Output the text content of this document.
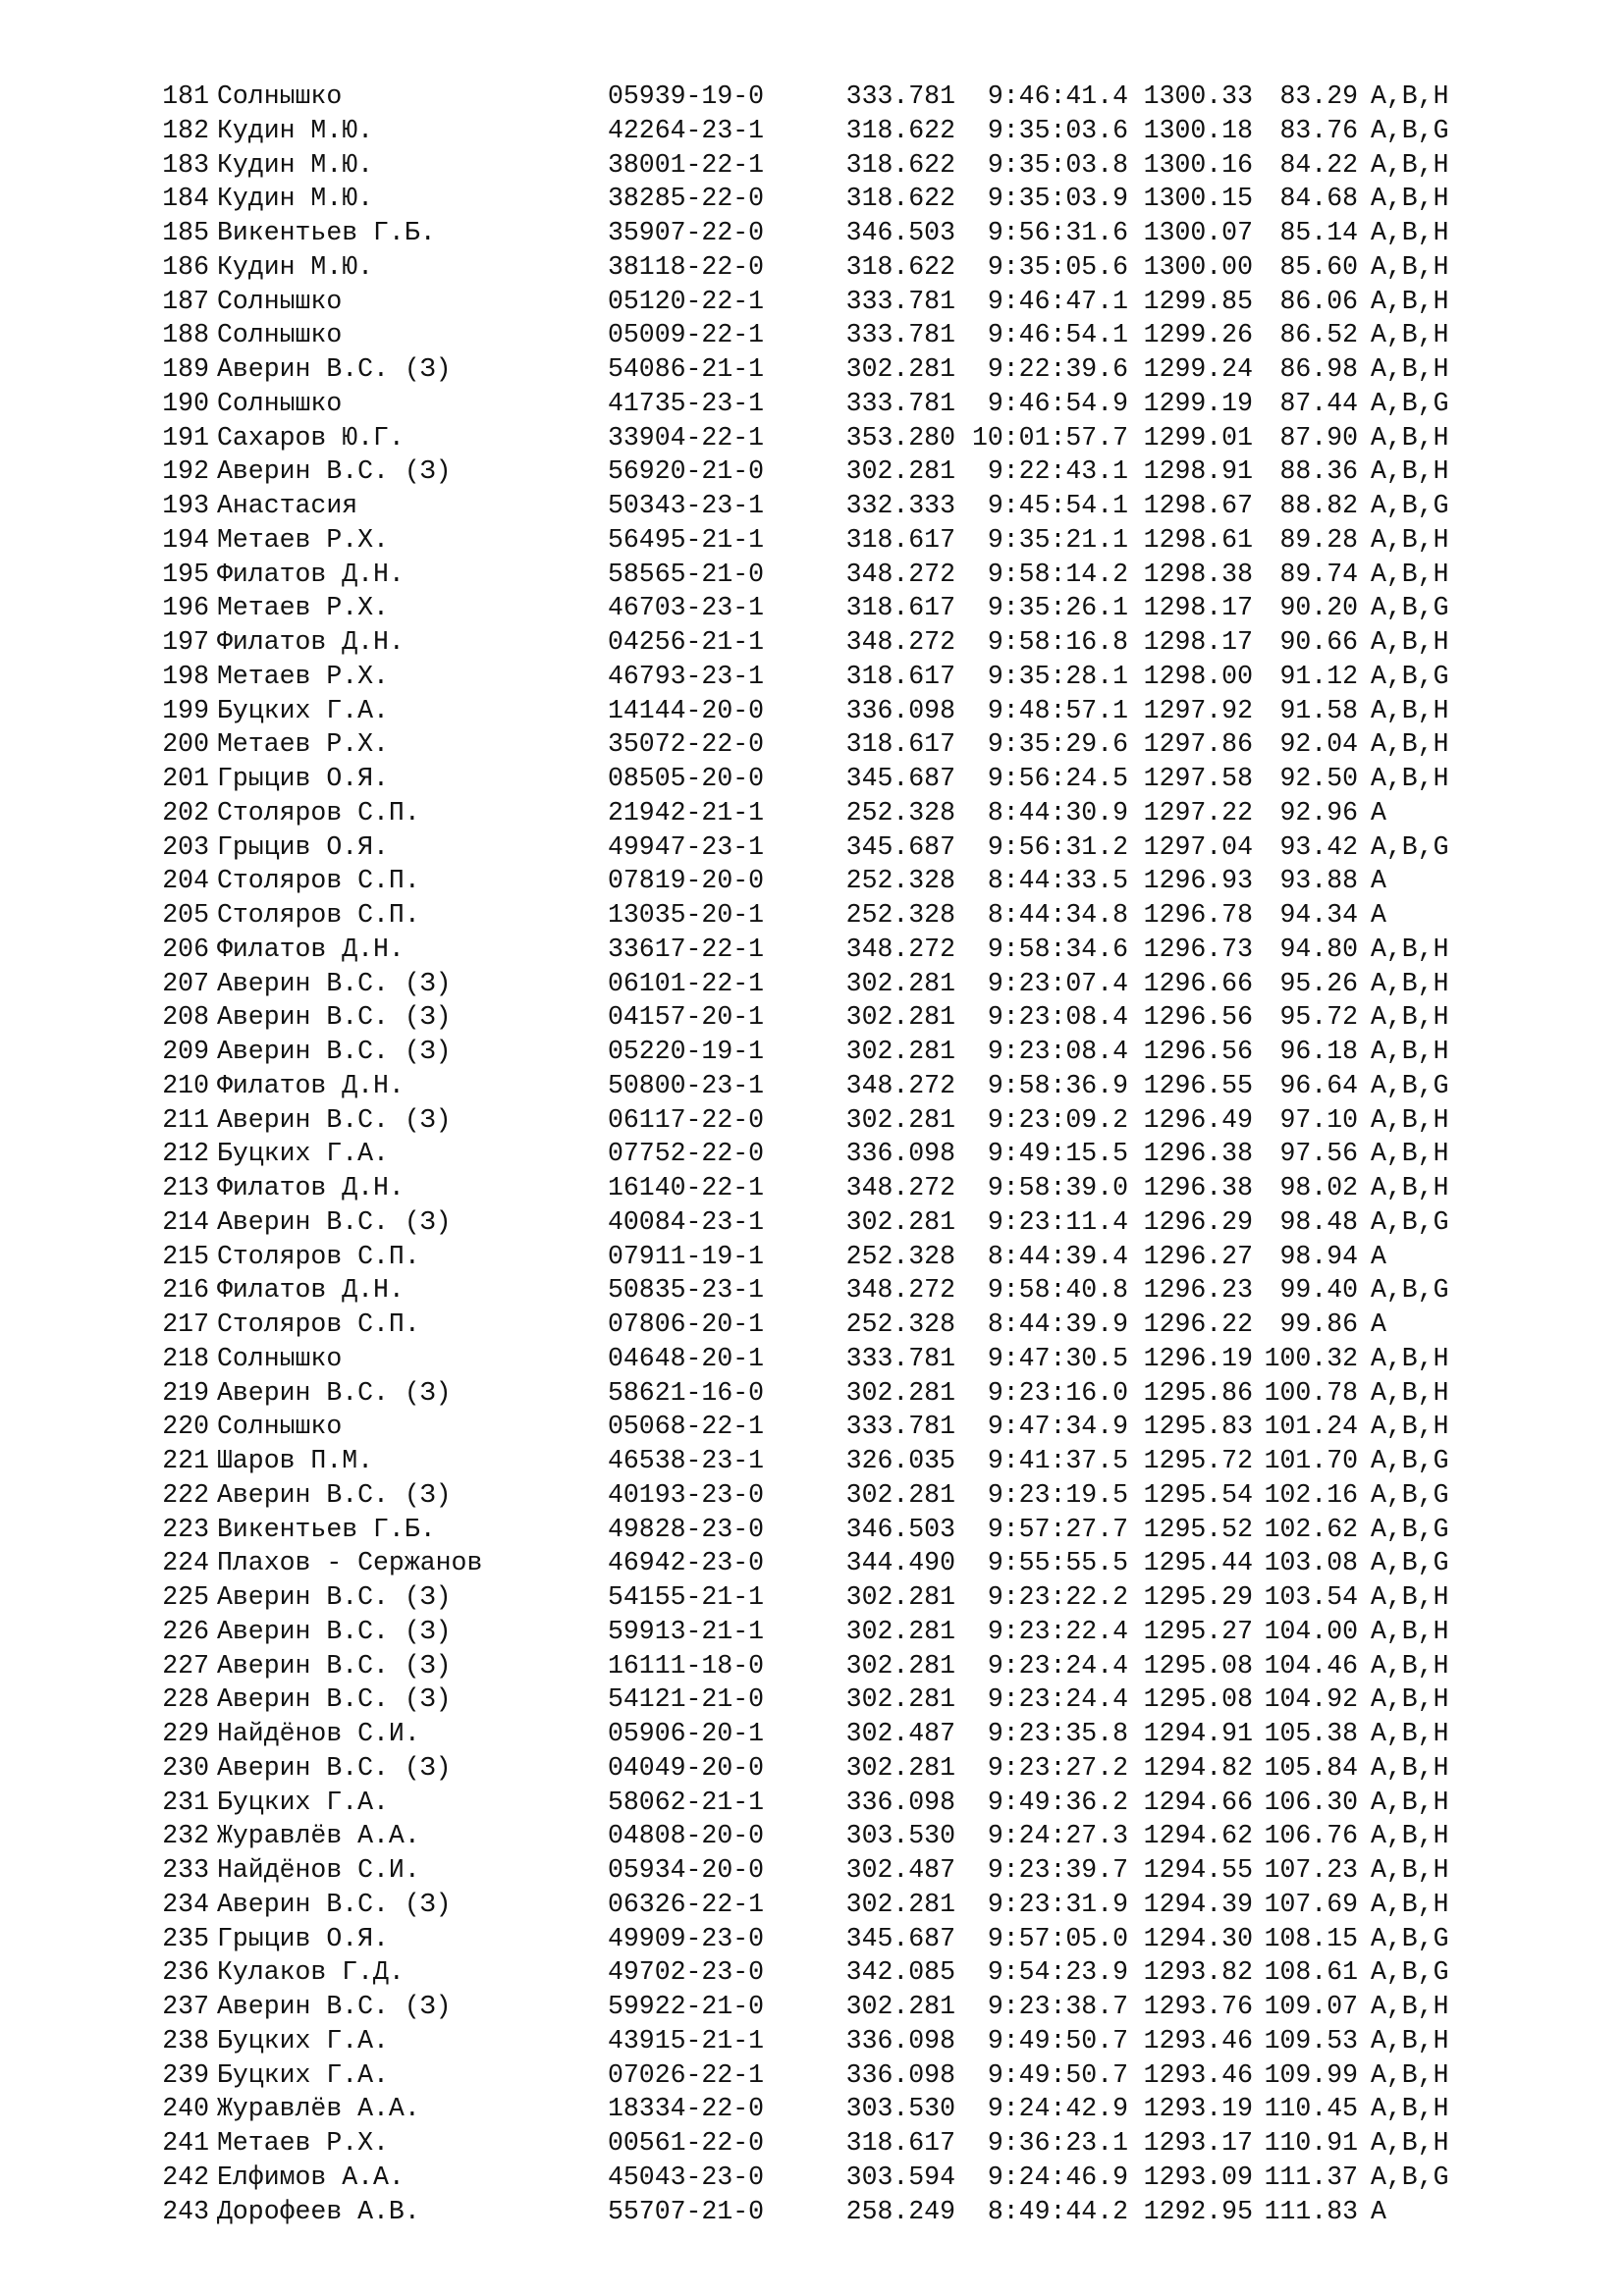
181 Солнышко	05939-19-0	333.781	9:46:41.4 1300.33	83.29 A,B,H
182 Кудин М.Ю.	42264-23-1	318.622	9:35:03.6 1300.18	83.76 A,B,G
183 Кудин М.Ю.	38001-22-1	318.622	9:35:03.8 1300.16	84.22 A,B,H
184 Кудин М.Ю.	38285-22-0	318.622	9:35:03.9 1300.15	84.68 A,B,H
185 Викентьев Г.Б.	35907-22-0	346.503	9:56:31.6 1300.07	85.14 A,B,H
186 Кудин М.Ю.	38118-22-0	318.622	9:35:05.6 1300.00	85.60 A,B,H
187 Солнышко	05120-22-1	333.781	9:46:47.1 1299.85	86.06 A,B,H
188 Солнышко	05009-22-1	333.781	9:46:54.1 1299.26	86.52 A,B,H
189 Аверин В.С. (З)	54086-21-1	302.281	9:22:39.6 1299.24	86.98 A,B,H
190 Солнышко	41735-23-1	333.781	9:46:54.9 1299.19	87.44 A,B,G
191 Сахаров Ю.Г.	33904-22-1	353.280 10:01:57.7 1299.01	87.90 A,B,H
192 Аверин В.С. (З)	56920-21-0	302.281	9:22:43.1 1298.91	88.36 A,B,H
193 Анастасия	50343-23-1	332.333	9:45:54.1 1298.67	88.82 A,B,G
194 Метаев Р.Х.	56495-21-1	318.617	9:35:21.1 1298.61	89.28 A,B,H
195 Филатов Д.Н.	58565-21-0	348.272	9:58:14.2 1298.38	89.74 A,B,H
196 Метаев Р.Х.	46703-23-1	318.617	9:35:26.1 1298.17	90.20 A,B,G
197 Филатов Д.Н.	04256-21-1	348.272	9:58:16.8 1298.17	90.66 A,B,H
198 Метаев Р.Х.	46793-23-1	318.617	9:35:28.1 1298.00	91.12 A,B,G
199 Буцких Г.А.	14144-20-0	336.098	9:48:57.1 1297.92	91.58 A,B,H
200 Метаев Р.Х.	35072-22-0	318.617	9:35:29.6 1297.86	92.04 A,B,H
201 Грыцив О.Я.	08505-20-0	345.687	9:56:24.5 1297.58	92.50 A,B,H
202 Столяров С.П.	21942-21-1	252.328	8:44:30.9 1297.22	92.96 A
203 Грыцив О.Я.	49947-23-1	345.687	9:56:31.2 1297.04	93.42 A,B,G
204 Столяров С.П.	07819-20-0	252.328	8:44:33.5 1296.93	93.88 A
205 Столяров С.П.	13035-20-1	252.328	8:44:34.8 1296.78	94.34 A
206 Филатов Д.Н.	33617-22-1	348.272	9:58:34.6 1296.73	94.80 A,B,H
207 Аверин В.С. (З)	06101-22-1	302.281	9:23:07.4 1296.66	95.26 A,B,H
208 Аверин В.С. (З)	04157-20-1	302.281	9:23:08.4 1296.56	95.72 A,B,H
209 Аверин В.С. (З)	05220-19-1	302.281	9:23:08.4 1296.56	96.18 A,B,H
210 Филатов Д.Н.	50800-23-1	348.272	9:58:36.9 1296.55	96.64 A,B,G
211 Аверин В.С. (З)	06117-22-0	302.281	9:23:09.2 1296.49	97.10 A,B,H
212 Буцких Г.А.	07752-22-0	336.098	9:49:15.5 1296.38	97.56 A,B,H
213 Филатов Д.Н.	16140-22-1	348.272	9:58:39.0 1296.38	98.02 A,B,H
214 Аверин В.С. (З)	40084-23-1	302.281	9:23:11.4 1296.29	98.48 A,B,G
215 Столяров С.П.	07911-19-1	252.328	8:44:39.4 1296.27	98.94 A
216 Филатов Д.Н.	50835-23-1	348.272	9:58:40.8 1296.23	99.40 A,B,G
217 Столяров С.П.	07806-20-1	252.328	8:44:39.9 1296.22	99.86 A
218 Солнышко	04648-20-1	333.781	9:47:30.5 1296.19 100.32 A,B,H
219 Аверин В.С. (З)	58621-16-0	302.281	9:23:16.0 1295.86 100.78 A,B,H
220 Солнышко	05068-22-1	333.781	9:47:34.9 1295.83 101.24 A,B,H
221 Шаров П.М.	46538-23-1	326.035	9:41:37.5 1295.72 101.70 A,B,G
222 Аверин В.С. (З)	40193-23-0	302.281	9:23:19.5 1295.54 102.16 A,B,G
223 Викентьев Г.Б.	49828-23-0	346.503	9:57:27.7 1295.52 102.62 A,B,G
224 Плахов - Сержанов	46942-23-0	344.490	9:55:55.5 1295.44 103.08 A,B,G
225 Аверин В.С. (З)	54155-21-1	302.281	9:23:22.2 1295.29 103.54 A,B,H
226 Аверин В.С. (З)	59913-21-1	302.281	9:23:22.4 1295.27 104.00 A,B,H
227 Аверин В.С. (З)	16111-18-0	302.281	9:23:24.4 1295.08 104.46 A,B,H
228 Аверин В.С. (З)	54121-21-0	302.281	9:23:24.4 1295.08 104.92 A,B,H
229 Найдёнов С.И.	05906-20-1	302.487	9:23:35.8 1294.91 105.38 A,B,H
230 Аверин В.С. (З)	04049-20-0	302.281	9:23:27.2 1294.82 105.84 A,B,H
231 Буцких Г.А.	58062-21-1	336.098	9:49:36.2 1294.66 106.30 A,B,H
232 Журавлёв А.А.	04808-20-0	303.530	9:24:27.3 1294.62 106.76 A,B,H
233 Найдёнов С.И.	05934-20-0	302.487	9:23:39.7 1294.55 107.23 A,B,H
234 Аверин В.С. (З)	06326-22-1	302.281	9:23:31.9 1294.39 107.69 A,B,H
235 Грыцив О.Я.	49909-23-0	345.687	9:57:05.0 1294.30 108.15 A,B,G
236 Кулаков Г.Д.	49702-23-0	342.085	9:54:23.9 1293.82 108.61 A,B,G
237 Аверин В.С. (З)	59922-21-0	302.281	9:23:38.7 1293.76 109.07 A,B,H
238 Буцких Г.А.	43915-21-1	336.098	9:49:50.7 1293.46 109.53 A,B,H
239 Буцких Г.А.	07026-22-1	336.098	9:49:50.7 1293.46 109.99 A,B,H
240 Журавлёв А.А.	18334-22-0	303.530	9:24:42.9 1293.19 110.45 A,B,H
241 Метаев Р.Х.	00561-22-0	318.617	9:36:23.1 1293.17 110.91 A,B,H
242 Елфимов А.А.	45043-23-0	303.594	9:24:46.9 1293.09 111.37 A,B,G
243 Дорофеев А.В.	55707-21-0	258.249	8:49:44.2 1292.95 111.83 A
